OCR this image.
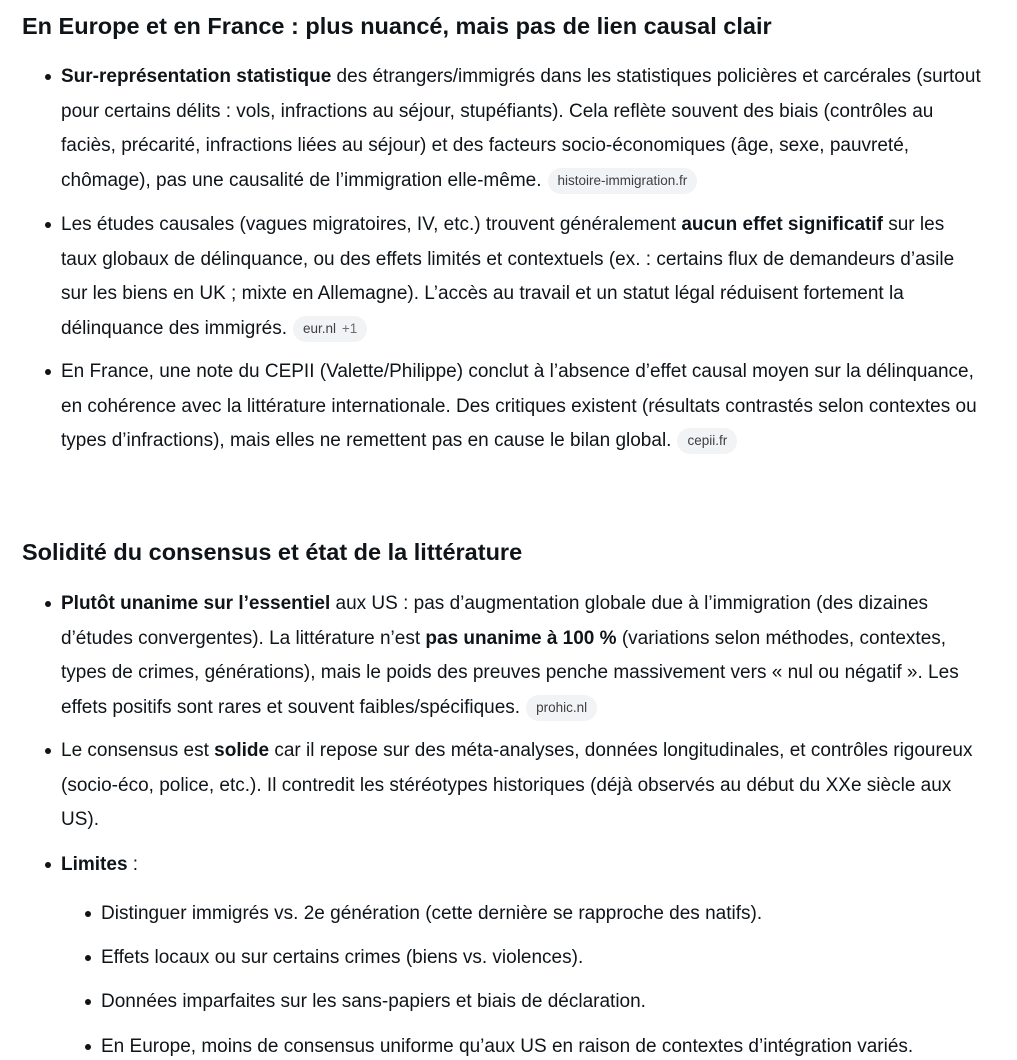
En Europe et en France : plus nuancé, mais pas de lien causal clair
Sur-représentation statistique des étrangers/immigrés dans les statistiques policières et carcérales (surtout pour certains délits : vols, infractions au séjour, stupéfiants). Cela reflète souvent des biais (contrôles au faciès, précarité, infractions liées au séjour) et des facteurs socio-économiques (âge, sexe, pauvreté, chômage), pas une causalité de l’immigration elle-même. histoire-immigration.fr
Les études causales (vagues migratoires, IV, etc.) trouvent généralement aucun effet significatif sur les taux globaux de délinquance, ou des effets limités et contextuels (ex. : certains flux de demandeurs d’asile sur les biens en UK ; mixte en Allemagne). L’accès au travail et un statut légal réduisent fortement la délinquance des immigrés. eur.nl +1
En France, une note du CEPII (Valette/Philippe) conclut à l’absence d’effet causal moyen sur la délinquance, en cohérence avec la littérature internationale. Des critiques existent (résultats contrastés selon contextes ou types d’infractions), mais elles ne remettent pas en cause le bilan global. cepii.fr
Solidité du consensus et état de la littérature
Plutôt unanime sur l’essentiel aux US : pas d’augmentation globale due à l’immigration (des dizaines d’études convergentes). La littérature n’est pas unanime à 100 % (variations selon méthodes, contextes, types de crimes, générations), mais le poids des preuves penche massivement vers « nul ou négatif ». Les effets positifs sont rares et souvent faibles/spécifiques. prohic.nl
Le consensus est solide car il repose sur des méta-analyses, données longitudinales, et contrôles rigoureux (socio-éco, police, etc.). Il contredit les stéréotypes historiques (déjà observés au début du XXe siècle aux US).
Limites :
Distinguer immigrés vs. 2e génération (cette dernière se rapproche des natifs).
Effets locaux ou sur certains crimes (biens vs. violences).
Données imparfaites sur les sans-papiers et biais de déclaration.
En Europe, moins de consensus uniforme qu’aux US en raison de contextes d’intégration variés.
